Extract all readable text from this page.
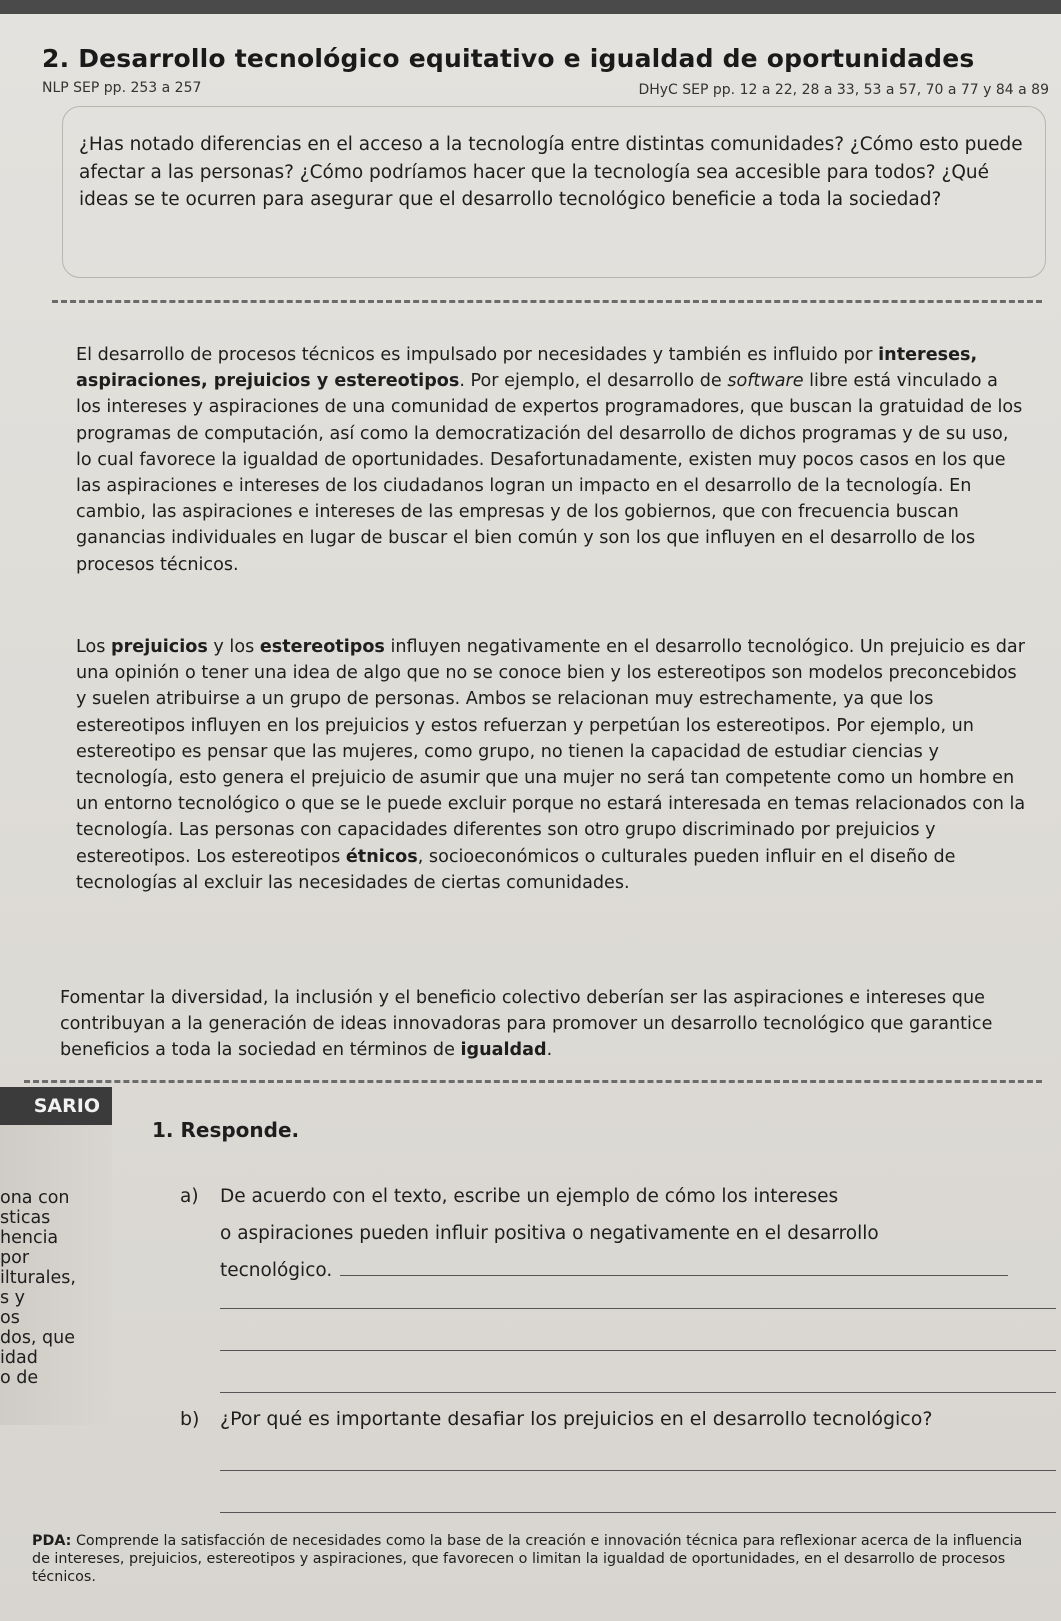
2. Desarrollo tecnológico equitativo e igualdad de oportunidades
NLP SEP pp. 253 a 257	DHyC SEP pp. 12 a 22, 28 a 33, 53 a 57, 70 a 77 y 84 a 89

¿Has notado diferencias en el acceso a la tecnología entre distintas comunidades? ¿Cómo esto puede afectar a las personas? ¿Cómo podríamos hacer que la tecnología sea accesible para todos? ¿Qué ideas se te ocurren para asegurar que el desarrollo tecnológico beneficie a toda la sociedad?

El desarrollo de procesos técnicos es impulsado por necesidades y también es influido por intereses, aspiraciones, prejuicios y estereotipos. Por ejemplo, el desarrollo de software libre está vinculado a los intereses y aspiraciones de una comunidad de expertos programadores, que buscan la gratuidad de los programas de computación, así como la democratización del desarrollo de dichos programas y de su uso, lo cual favorece la igualdad de oportunidades. Desafortunadamente, existen muy pocos casos en los que las aspiraciones e intereses de los ciudadanos logran un impacto en el desarrollo de la tecnología. En cambio, las aspiraciones e intereses de las empresas y de los gobiernos, que con frecuencia buscan ganancias individuales en lugar de buscar el bien común y son los que influyen en el desarrollo de los procesos técnicos.

Los prejuicios y los estereotipos influyen negativamente en el desarrollo tecnológico. Un prejuicio es dar una opinión o tener una idea de algo que no se conoce bien y los estereotipos son modelos preconcebidos y suelen atribuirse a un grupo de personas. Ambos se relacionan muy estrechamente, ya que los estereotipos influyen en los prejuicios y estos refuerzan y perpetúan los estereotipos. Por ejemplo, un estereotipo es pensar que las mujeres, como grupo, no tienen la capacidad de estudiar ciencias y tecnología, esto genera el prejuicio de asumir que una mujer no será tan competente como un hombre en un entorno tecnológico o que se le puede excluir porque no estará interesada en temas relacionados con la tecnología. Las personas con capacidades diferentes son otro grupo discriminado por prejuicios y estereotipos. Los estereotipos étnicos, socioeconómicos o culturales pueden influir en el diseño de tecnologías al excluir las necesidades de ciertas comunidades.

Fomentar la diversidad, la inclusión y el beneficio colectivo deberían ser las aspiraciones e intereses que contribuyan a la generación de ideas innovadoras para promover un desarrollo tecnológico que garantice beneficios a toda la sociedad en términos de igualdad.

SARIO
ona con
sticas
hencia
por
ilturales,
s y
os
dos, que
idad
o de
1. Responde.
a) De acuerdo con el texto, escribe un ejemplo de cómo los intereses
o aspiraciones pueden influir positiva o negativamente en el desarrollo
tecnológico.

b) ¿Por qué es importante desafiar los prejuicios en el desarrollo tecnológico?

PDA: Comprende la satisfacción de necesidades como la base de la creación e innovación técnica para reflexionar acerca de la influencia de intereses, prejuicios, estereotipos y aspiraciones, que favorecen o limitan la igualdad de oportunidades, en el desarrollo de procesos técnicos.
